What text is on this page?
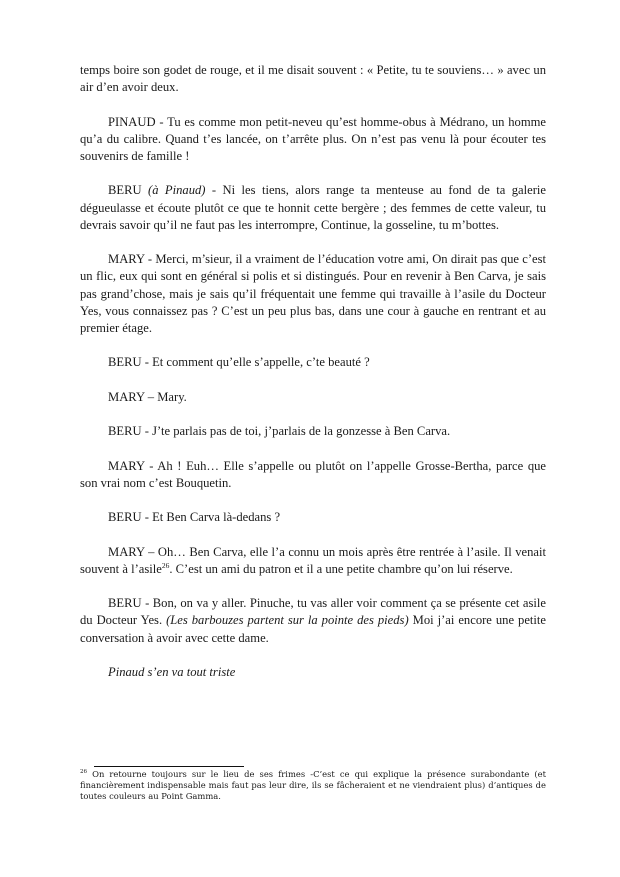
temps boire son godet de rouge, et il me disait souvent : « Petite, tu te souviens… » avec un air d’en avoir deux.

PINAUD - Tu es comme mon petit-neveu qu’est homme-obus à Médrano, un homme qu’a du calibre. Quand t’es lancée, on t’arrête plus. On n’est pas venu là pour écouter tes souvenirs de famille !

BERU (à Pinaud) - Ni les tiens, alors range ta menteuse au fond de ta galerie dégueulasse et écoute plutôt ce que te honnit cette bergère ; des femmes de cette valeur, tu devrais savoir qu’il ne faut pas les interrompre, Continue, la gosseline, tu m’bottes.

MARY - Merci, m’sieur, il a vraiment de l’éducation votre ami, On dirait pas que c’est un flic, eux qui sont en général si polis et si distingués. Pour en revenir à Ben Carva, je sais pas grand’chose, mais je sais qu’il fréquentait une femme qui travaille à l’asile du Docteur Yes, vous connaissez pas ? C’est un peu plus bas, dans une cour à gauche en rentrant et au premier étage.

BERU - Et comment qu’elle s’appelle, c’te beauté ?

MARY – Mary.

BERU - J’te parlais pas de toi, j’parlais de la gonzesse à Ben Carva.

MARY - Ah ! Euh… Elle s’appelle ou plutôt on l’appelle Grosse-Bertha, parce que son vrai nom c’est Bouquetin.

BERU - Et Ben Carva là-dedans ?

MARY – Oh… Ben Carva, elle l’a connu un mois après être rentrée à l’asile. Il venait souvent à l’asile$^{26}$. C’est un ami du patron et il a une petite chambre qu’on lui réserve.

BERU - Bon, on va y aller. Pinuche, tu vas aller voir comment ça se présente cet asile du Docteur Yes. (Les barbouzes partent sur la pointe des pieds) Moi j’ai encore une petite conversation à avoir avec cette dame.

Pinaud s’en va tout triste

$^{26}$ On retourne toujours sur le lieu de ses frimes -C’est ce qui explique la présence surabondante (et financièrement indispensable mais faut pas leur dire, ils se fâcheraient et ne viendraient plus) d’antiques de toutes couleurs au Point Gamma.
